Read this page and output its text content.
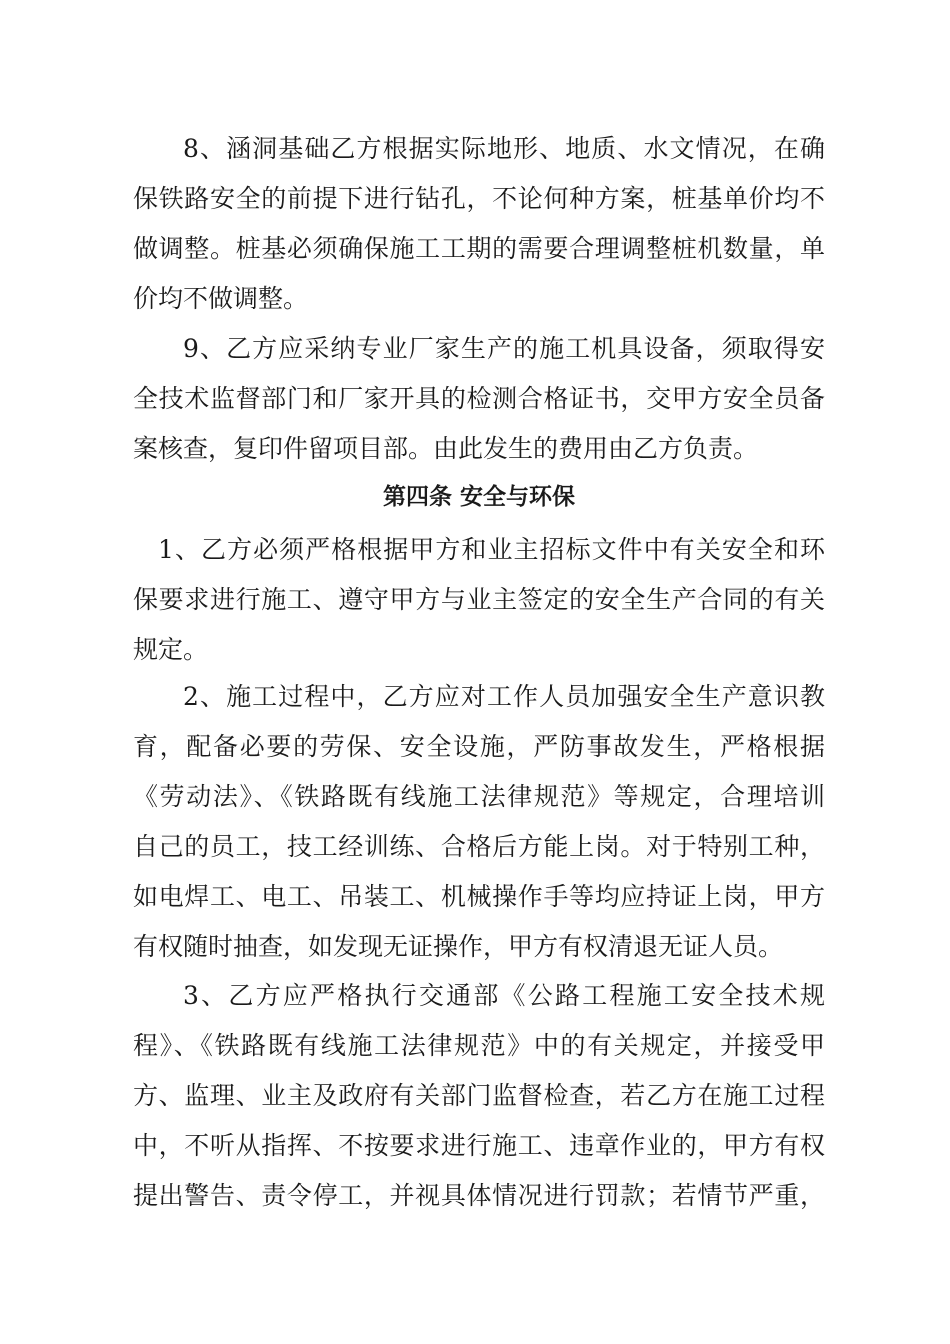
8、涵洞基础乙方根据实际地形、地质、水文情况，在确
保铁路安全的前提下进行钻孔，不论何种方案，桩基单价均不
做调整。桩基必须确保施工工期的需要合理调整桩机数量，单
价均不做调整。
9、乙方应采纳专业厂家生产的施工机具设备，须取得安
全技术监督部门和厂家开具的检测合格证书，交甲方安全员备
案核查，复印件留项目部。由此发生的费用由乙方负责。
第四条 安全与环保
1、乙方必须严格根据甲方和业主招标文件中有关安全和环
保要求进行施工、遵守甲方与业主签定的安全生产合同的有关
规定。
2、施工过程中，乙方应对工作人员加强安全生产意识教
育，配备必要的劳保、安全设施，严防事故发生，严格根据
《劳动法》、《铁路既有线施工法律规范》等规定，合理培训
自己的员工，技工经训练、合格后方能上岗。对于特别工种，
如电焊工、电工、吊装工、机械操作手等均应持证上岗，甲方
有权随时抽查，如发现无证操作，甲方有权清退无证人员。
3、乙方应严格执行交通部《公路工程施工安全技术规
程》、《铁路既有线施工法律规范》中的有关规定，并接受甲
方、监理、业主及政府有关部门监督检查，若乙方在施工过程
中，不听从指挥、不按要求进行施工、违章作业的，甲方有权
提出警告、责令停工，并视具体情况进行罚款；若情节严重，
